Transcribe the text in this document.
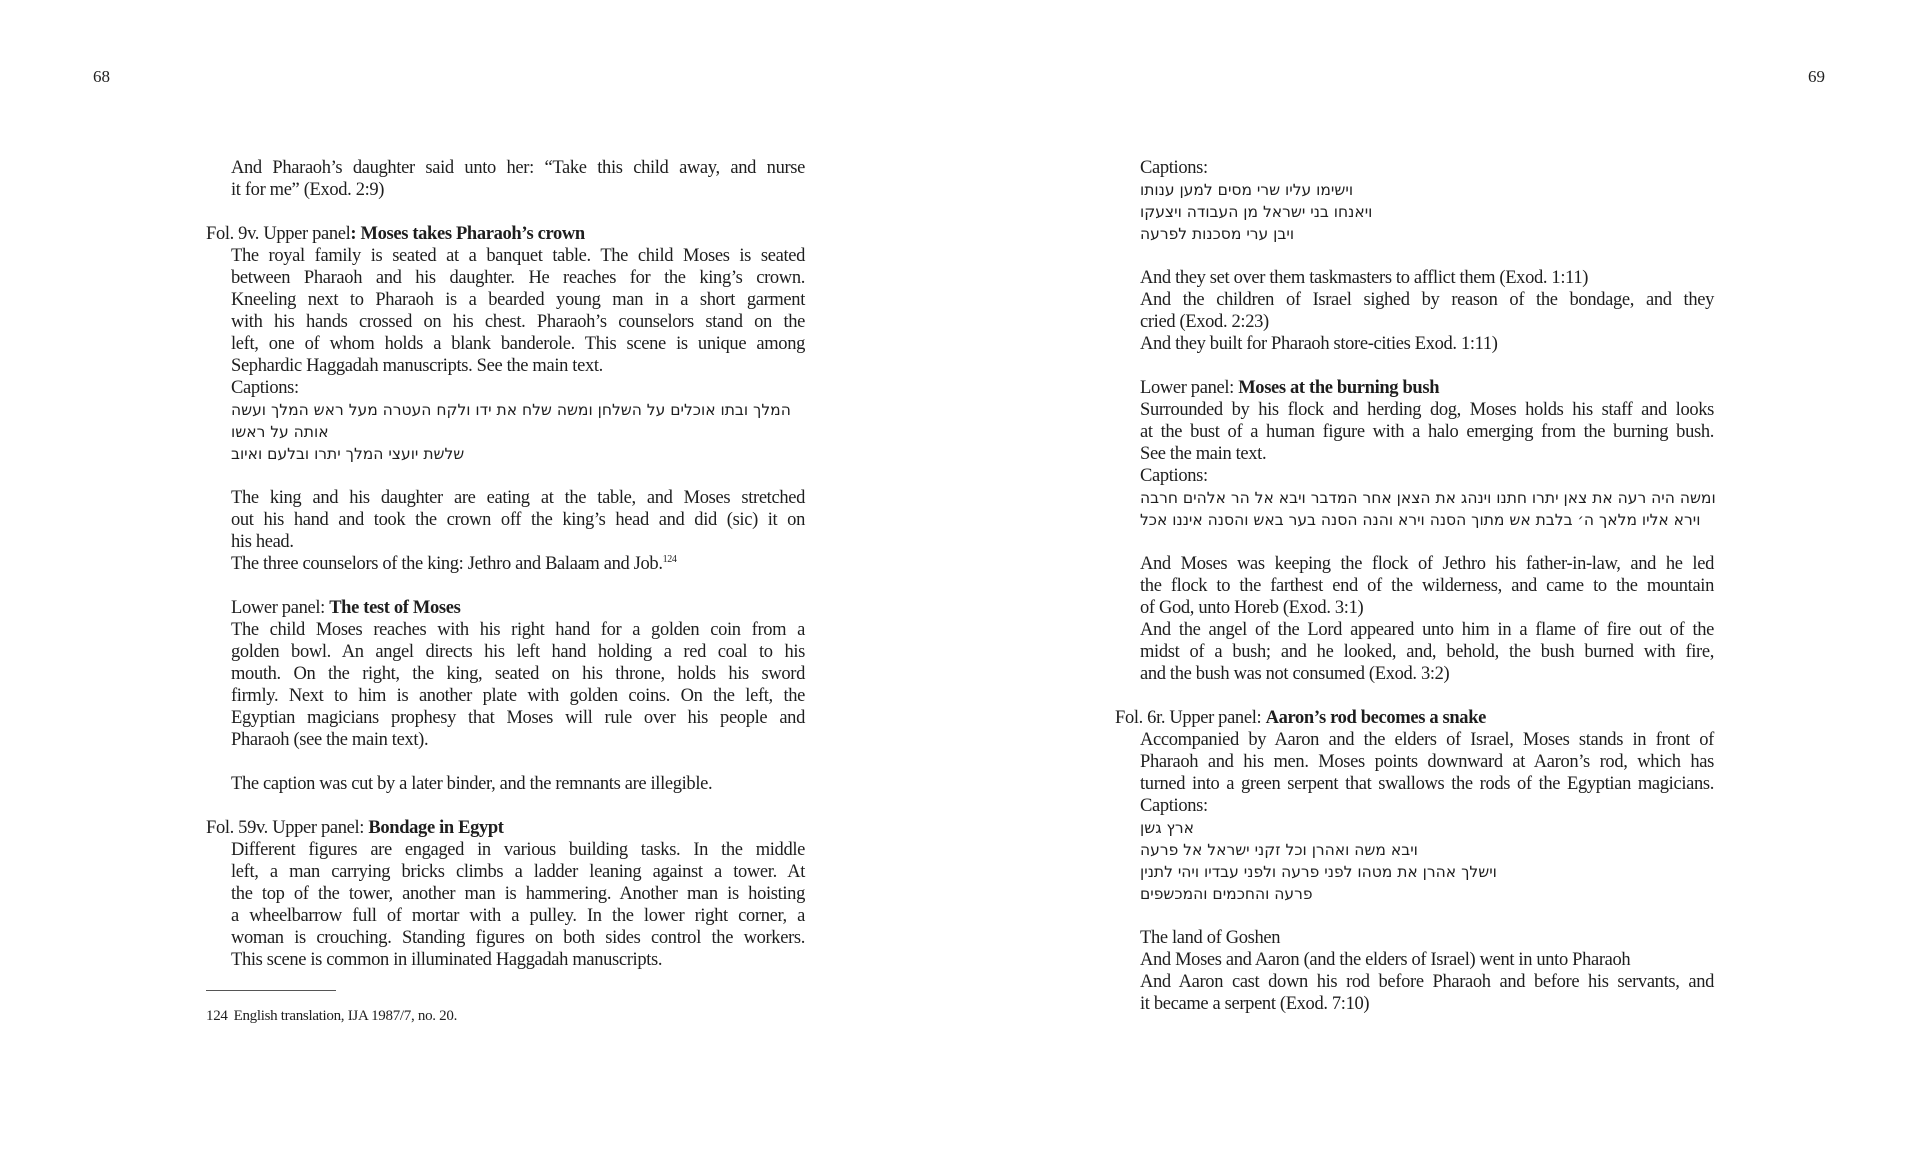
68
And Pharaoh’s daughter said unto her: “Take this child away, and nurse
it for me” (Exod. 2:9)
Fol. 9v. Upper panel: Moses takes Pharaoh’s crown
The royal family is seated at a banquet table. The child Moses is seated
between Pharaoh and his daughter. He reaches for the king’s crown.
Kneeling next to Pharaoh is a bearded young man in a short garment
with his hands crossed on his chest. Pharaoh’s counselors stand on the
left, one of whom holds a blank banderole. This scene is unique among
Sephardic Haggadah manuscripts. See the main text.
Captions:
המלך ובתו אוכלים על השלחן ומשה שלח את ידו ולקח העטרה מעל ראש המלך ועשה
אותה על ראשו
שלשת יועצי המלך יתרו ובלעם ואיוב
The king and his daughter are eating at the table, and Moses stretched
out his hand and took the crown off the king’s head and did (sic) it on
his head.
The three counselors of the king: Jethro and Balaam and Job.$^{124}$
Lower panel: The test of Moses
The child Moses reaches with his right hand for a golden coin from a
golden bowl. An angel directs his left hand holding a red coal to his
mouth. On the right, the king, seated on his throne, holds his sword
firmly. Next to him is another plate with golden coins. On the left, the
Egyptian magicians prophesy that Moses will rule over his people and
Pharaoh (see the main text).
The caption was cut by a later binder, and the remnants are illegible.
Fol. 59v. Upper panel: Bondage in Egypt
Different figures are engaged in various building tasks. In the middle
left, a man carrying bricks climbs a ladder leaning against a tower. At
the top of the tower, another man is hammering. Another man is hoisting
a wheelbarrow full of mortar with a pulley. In the lower right corner, a
woman is crouching. Standing figures on both sides control the workers.
This scene is common in illuminated Haggadah manuscripts.
124 English translation, IJA 1987/7, no. 20.
69
Captions:
וישימו עליו שרי מסים למען ענותו
ויאנחו בני ישראל מן העבודה ויצעקו
ויבן ערי מסכנות לפרעה
And they set over them taskmasters to afflict them (Exod. 1:11)
And the children of Israel sighed by reason of the bondage, and they
cried (Exod. 2:23)
And they built for Pharaoh store-cities Exod. 1:11)
Lower panel: Moses at the burning bush
Surrounded by his flock and herding dog, Moses holds his staff and looks
at the bust of a human figure with a halo emerging from the burning bush.
See the main text.
Captions:
ומשה היה רעה את צאן יתרו חתנו וינהג את הצאן אחר המדבר ויבא אל הר אלהים חרבה
וירא אליו מלאך ה׳ בלבת אש מתוך הסנה וירא והנה הסנה בער באש והסנה איננו אכל
And Moses was keeping the flock of Jethro his father-in-law, and he led
the flock to the farthest end of the wilderness, and came to the mountain
of God, unto Horeb (Exod. 3:1)
And the angel of the Lord appeared unto him in a flame of fire out of the
midst of a bush; and he looked, and, behold, the bush burned with fire,
and the bush was not consumed (Exod. 3:2)
Fol. 6r. Upper panel: Aaron’s rod becomes a snake
Accompanied by Aaron and the elders of Israel, Moses stands in front of
Pharaoh and his men. Moses points downward at Aaron’s rod, which has
turned into a green serpent that swallows the rods of the Egyptian magicians.
Captions:
ארץ גשן
ויבא משה ואהרן וכל זקני ישראל אל פרעה
וישלך אהרן את מטהו לפני פרעה ולפני עבדיו ויהי לתנין
פרעה והחכמים והמכשפים
The land of Goshen
And Moses and Aaron (and the elders of Israel) went in unto Pharaoh
And Aaron cast down his rod before Pharaoh and before his servants, and
it became a serpent (Exod. 7:10)
